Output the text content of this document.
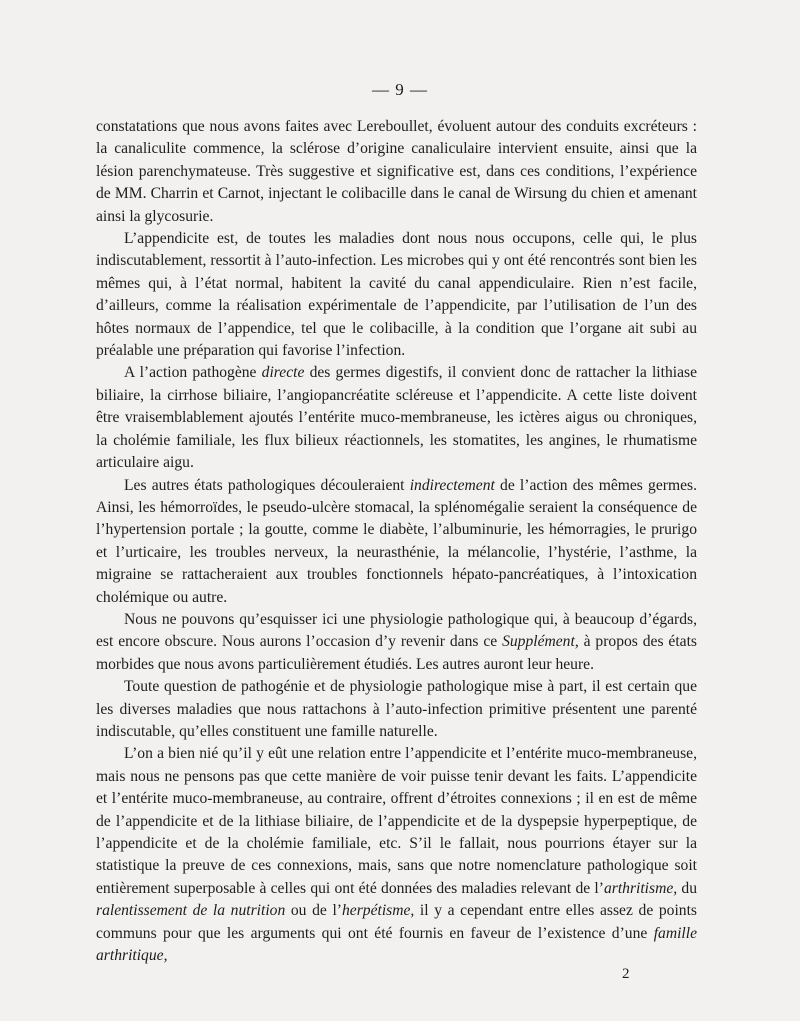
— 9 —

constatations que nous avons faites avec Lereboullet, évoluent autour des conduits excréteurs : la canaliculite commence, la sclérose d’origine canaliculaire intervient ensuite, ainsi que la lésion parenchymateuse. Très suggestive et significative est, dans ces conditions, l’expérience de MM. Charrin et Carnot, injectant le colibacille dans le canal de Wirsung du chien et amenant ainsi la glycosurie.

L’appendicite est, de toutes les maladies dont nous nous occupons, celle qui, le plus indiscutablement, ressortit à l’auto-infection. Les microbes qui y ont été rencontrés sont bien les mêmes qui, à l’état normal, habitent la cavité du canal appendiculaire. Rien n’est facile, d’ailleurs, comme la réalisation expérimentale de l’appendicite, par l’utilisation de l’un des hôtes normaux de l’appendice, tel que le colibacille, à la condition que l’organe ait subi au préalable une préparation qui favorise l’infection.

A l’action pathogène directe des germes digestifs, il convient donc de rattacher la lithiase biliaire, la cirrhose biliaire, l’angiopancréatite scléreuse et l’appendicite. A cette liste doivent être vraisemblablement ajoutés l’entérite muco-membraneuse, les ictères aigus ou chroniques, la cholémie familiale, les flux bilieux réactionnels, les stomatites, les angines, le rhumatisme articulaire aigu.

Les autres états pathologiques découleraient indirectement de l’action des mêmes germes. Ainsi, les hémorroïdes, le pseudo-ulcère stomacal, la splénomégalie seraient la conséquence de l’hypertension portale ; la goutte, comme le diabète, l’albuminurie, les hémorragies, le prurigo et l’urticaire, les troubles nerveux, la neurasthénie, la mélancolie, l’hystérie, l’asthme, la migraine se rattacheraient aux troubles fonctionnels hépato-pancréatiques, à l’intoxication cholémique ou autre.

Nous ne pouvons qu’esquisser ici une physiologie pathologique qui, à beaucoup d’égards, est encore obscure. Nous aurons l’occasion d’y revenir dans ce Supplément, à propos des états morbides que nous avons particulièrement étudiés. Les autres auront leur heure.

Toute question de pathogénie et de physiologie pathologique mise à part, il est certain que les diverses maladies que nous rattachons à l’auto-infection primitive présentent une parenté indiscutable, qu’elles constituent une famille naturelle.

L’on a bien nié qu’il y eût une relation entre l’appendicite et l’entérite muco-membraneuse, mais nous ne pensons pas que cette manière de voir puisse tenir devant les faits. L’appendicite et l’entérite muco-membraneuse, au contraire, offrent d’étroites connexions ; il en est de même de l’appendicite et de la lithiase biliaire, de l’appendicite et de la dyspepsie hyperpeptique, de l’appendicite et de la cholémie familiale, etc. S’il le fallait, nous pourrions étayer sur la statistique la preuve de ces connexions, mais, sans que notre nomenclature pathologique soit entièrement superposable à celles qui ont été données des maladies relevant de l’arthritisme, du ralentissement de la nutrition ou de l’herpétisme, il y a cependant entre elles assez de points communs pour que les arguments qui ont été fournis en faveur de l’existence d’une famille arthritique,

2
